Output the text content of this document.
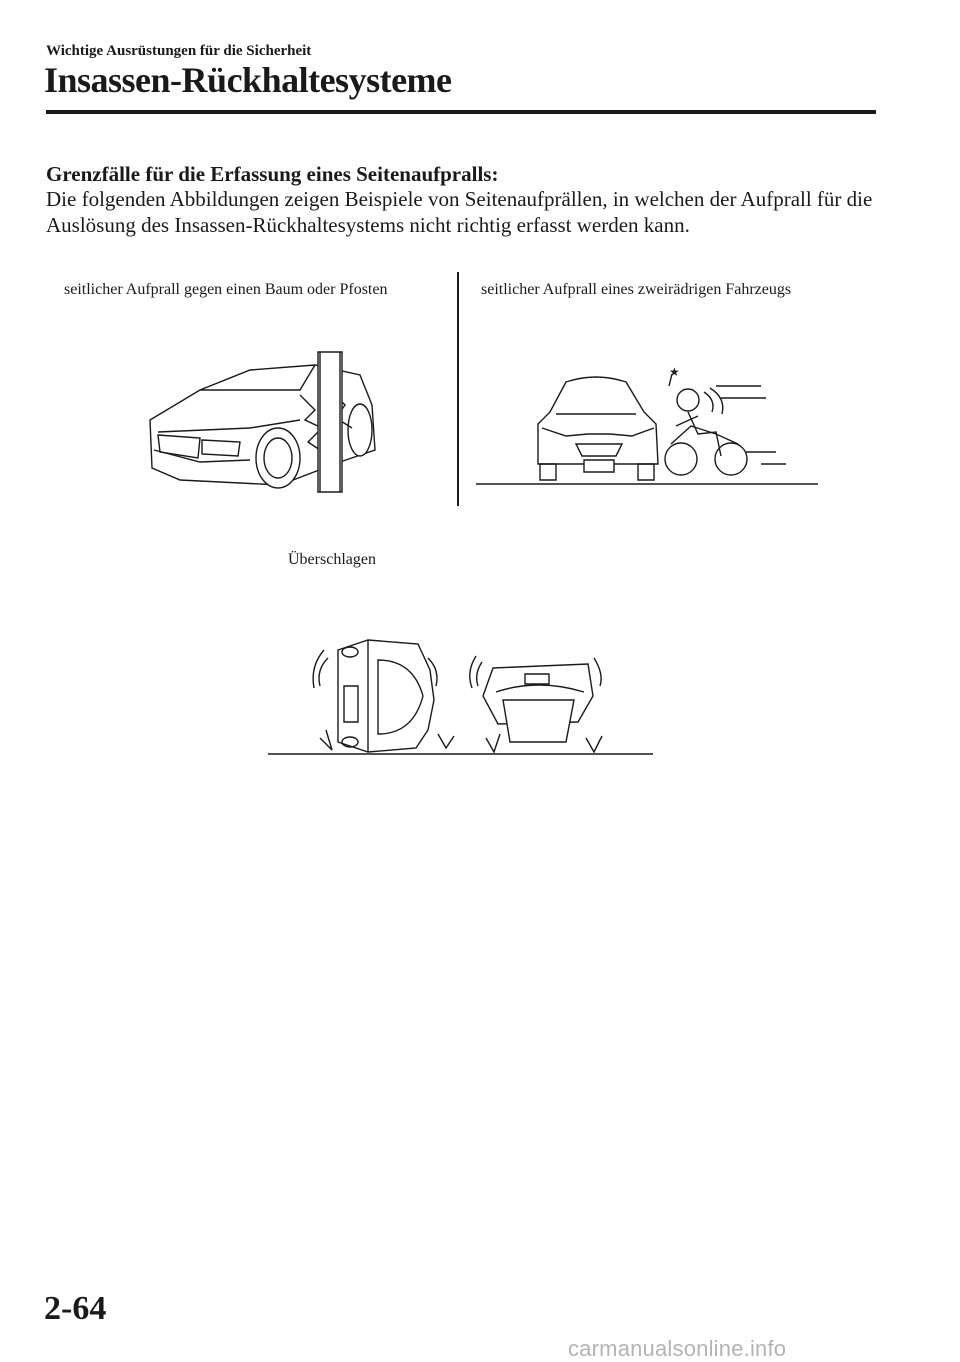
Wichtige Ausrüstungen für die Sicherheit
Insassen-Rückhaltesysteme
Grenzfälle für die Erfassung eines Seitenaufpralls:
Die folgenden Abbildungen zeigen Beispiele von Seitenaufprällen, in welchen der Aufprall für die Auslösung des Insassen-Rückhaltesystems nicht richtig erfasst werden kann.
seitlicher Aufprall gegen einen Baum oder Pfosten	seitlicher Aufprall eines zweirädrigen Fahrzeugs
Überschlagen
★
2-64
carmanualsonline.info
